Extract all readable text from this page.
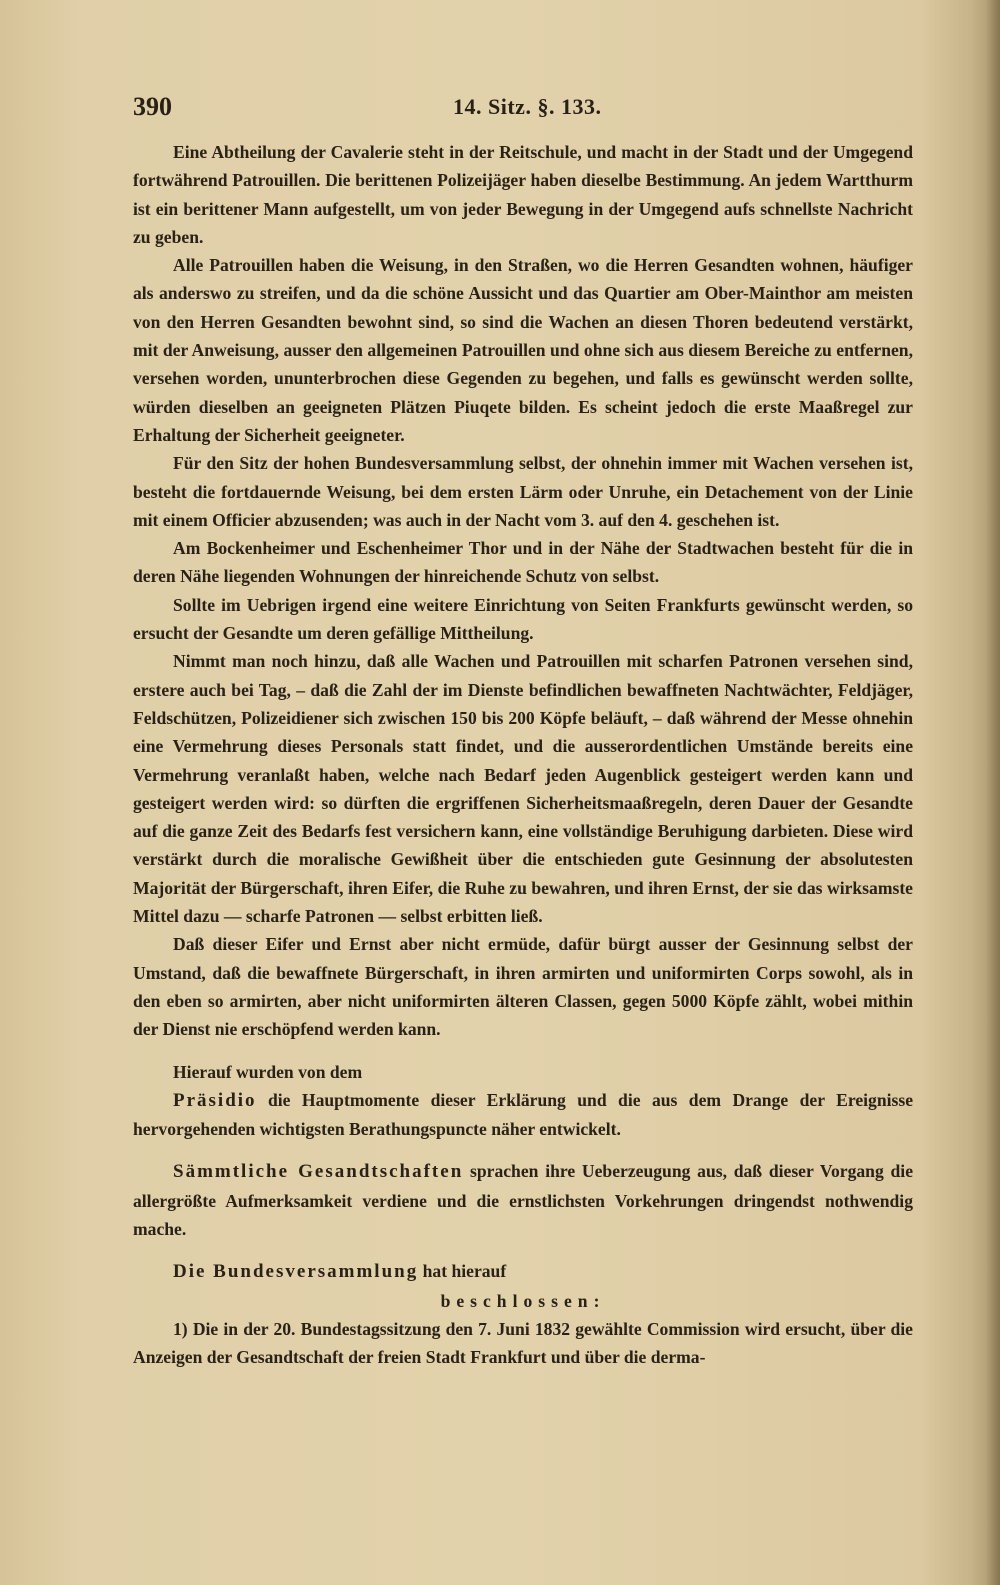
390	14. Sitz. §. 133.

Eine Abtheilung der Cavalerie steht in der Reitschule, und macht in der Stadt und der Umgegend fortwährend Patrouillen. Die berittenen Polizeijäger haben dieselbe Bestimmung. An jedem Wartthurm ist ein berittener Mann aufgestellt, um von jeder Bewegung in der Umgegend aufs schnellste Nachricht zu geben.

Alle Patrouillen haben die Weisung, in den Straßen, wo die Herren Gesandten wohnen, häufiger als anderswo zu streifen, und da die schöne Aussicht und das Quartier am Ober-Mainthor am meisten von den Herren Gesandten bewohnt sind, so sind die Wachen an diesen Thoren bedeutend verstärkt, mit der Anweisung, ausser den allgemeinen Patrouillen und ohne sich aus diesem Bereiche zu entfernen, versehen worden, ununterbrochen diese Gegenden zu begehen, und falls es gewünscht werden sollte, würden dieselben an geeigneten Plätzen Piuqete bilden. Es scheint jedoch die erste Maaßregel zur Erhaltung der Sicherheit geeigneter.

Für den Sitz der hohen Bundesversammlung selbst, der ohnehin immer mit Wachen versehen ist, besteht die fortdauernde Weisung, bei dem ersten Lärm oder Unruhe, ein Detachement von der Linie mit einem Officier abzusenden; was auch in der Nacht vom 3. auf den 4. geschehen ist.

Am Bockenheimer und Eschenheimer Thor und in der Nähe der Stadtwachen besteht für die in deren Nähe liegenden Wohnungen der hinreichende Schutz von selbst.

Sollte im Uebrigen irgend eine weitere Einrichtung von Seiten Frankfurts gewünscht werden, so ersucht der Gesandte um deren gefällige Mittheilung.

Nimmt man noch hinzu, daß alle Wachen und Patrouillen mit scharfen Patronen versehen sind, erstere auch bei Tag, – daß die Zahl der im Dienste befindlichen bewaffneten Nachtwächter, Feldjäger, Feldschützen, Polizeidiener sich zwischen 150 bis 200 Köpfe beläuft, – daß während der Messe ohnehin eine Vermehrung dieses Personals statt findet, und die ausserordentlichen Umstände bereits eine Vermehrung veranlaßt haben, welche nach Bedarf jeden Augenblick gesteigert werden kann und gesteigert werden wird: so dürften die ergriffenen Sicherheitsmaaßregeln, deren Dauer der Gesandte auf die ganze Zeit des Bedarfs fest versichern kann, eine vollständige Beruhigung darbieten. Diese wird verstärkt durch die moralische Gewißheit über die entschieden gute Gesinnung der absolutesten Majorität der Bürgerschaft, ihren Eifer, die Ruhe zu bewahren, und ihren Ernst, der sie das wirksamste Mittel dazu — scharfe Patronen — selbst erbitten ließ.

Daß dieser Eifer und Ernst aber nicht ermüde, dafür bürgt ausser der Gesinnung selbst der Umstand, daß die bewaffnete Bürgerschaft, in ihren armirten und uniformirten Corps sowohl, als in den eben so armirten, aber nicht uniformirten älteren Classen, gegen 5000 Köpfe zählt, wobei mithin der Dienst nie erschöpfend werden kann.

Hierauf wurden von dem

Präsidio die Hauptmomente dieser Erklärung und die aus dem Drange der Ereignisse hervorgehenden wichtigsten Berathungspuncte näher entwickelt.

Sämmtliche Gesandtschaften sprachen ihre Ueberzeugung aus, daß dieser Vorgang die allergrößte Aufmerksamkeit verdiene und die ernstlichsten Vorkehrungen dringendst nothwendig mache.

Die Bundesversammlung hat hierauf

beschlossen:

1) Die in der 20. Bundestagssitzung den 7. Juni 1832 gewählte Commission wird ersucht, über die Anzeigen der Gesandtschaft der freien Stadt Frankfurt und über die derma-
